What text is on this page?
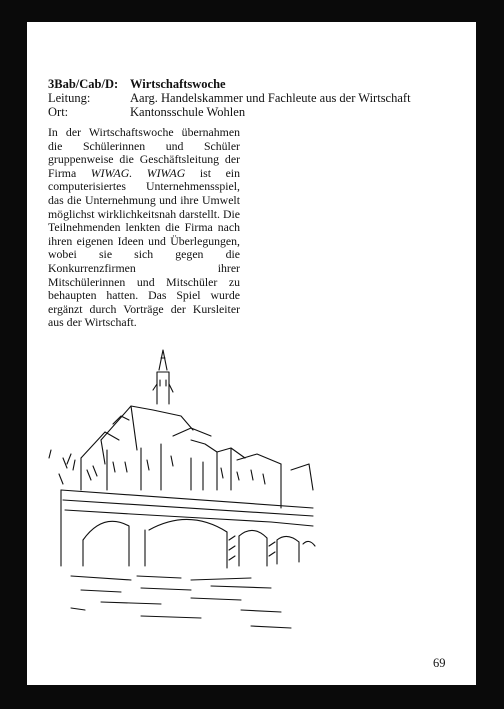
3Bab/Cab/D: Wirtschaftswoche
Leitung:	Aarg. Handelskammer und Fachleute aus der Wirtschaft
Ort:	Kantonsschule Wohlen

In der Wirtschaftswoche übernahmen die Schülerinnen und Schüler gruppenweise die Geschäftsleitung der Firma WIWAG. WIWAG ist ein computerisiertes Unternehmensspiel, das die Unternehmung und ihre Umwelt möglichst wirklichkeitsnah darstellt. Die Teilnehmenden lenkten die Firma nach ihren eigenen Ideen und Überlegungen, wobei sie sich gegen die Konkurrenzfirmen ihrer Mitschülerinnen und Mitschüler zu behaupten hatten. Das Spiel wurde ergänzt durch Vorträge der Kursleiter aus der Wirtschaft.

69
